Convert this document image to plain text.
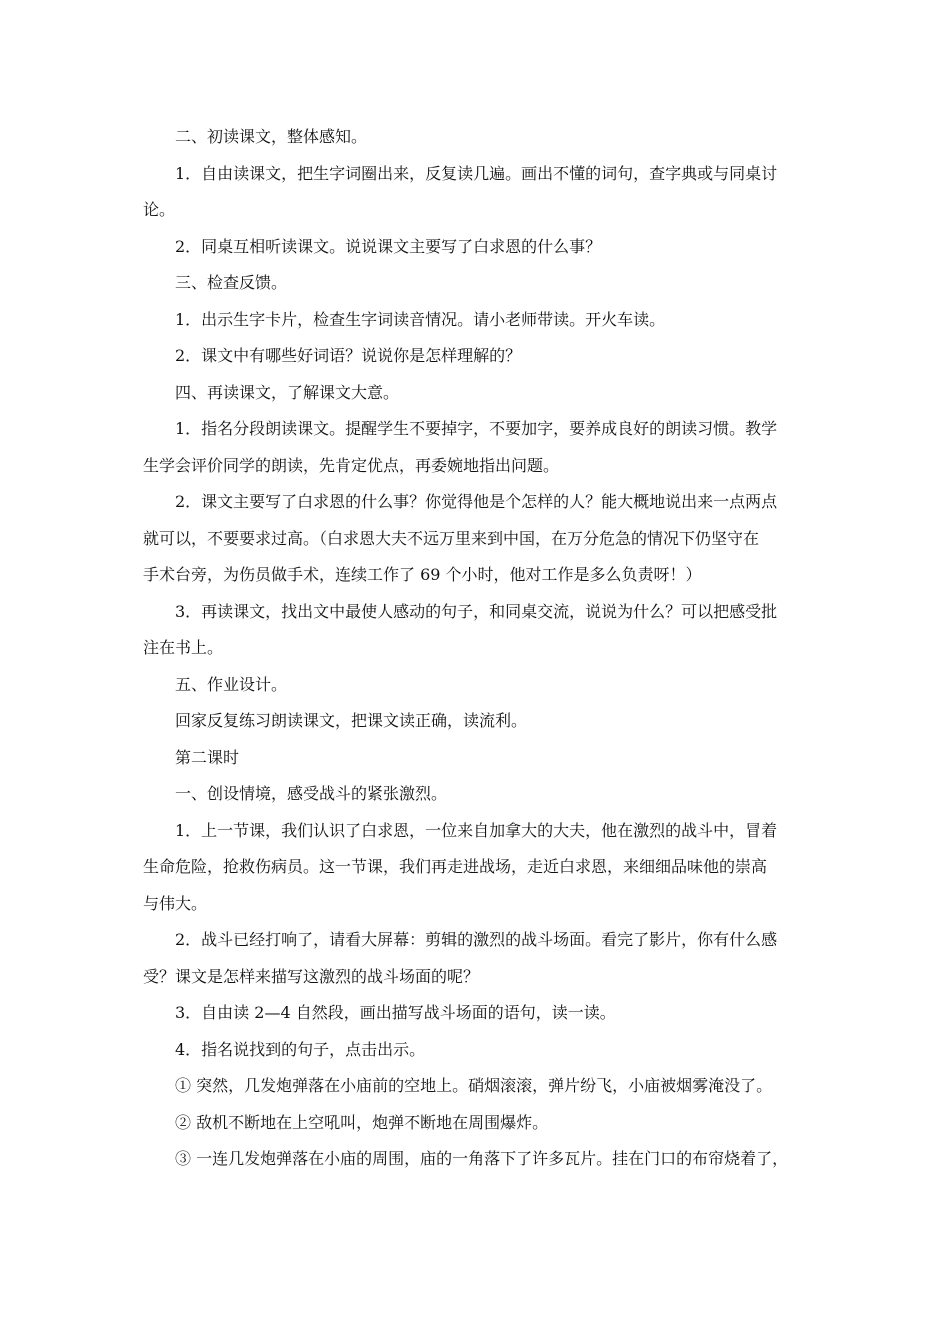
二、初读课文，整体感知。
1．自由读课文，把生字词圈出来，反复读几遍。画出不懂的词句，查字典或与同桌讨
论。
2．同桌互相听读课文。说说课文主要写了白求恩的什么事？
三、检查反馈。
1．出示生字卡片，检查生字词读音情况。请小老师带读。开火车读。
2．课文中有哪些好词语？说说你是怎样理解的？
四、再读课文，了解课文大意。
1．指名分段朗读课文。提醒学生不要掉字，不要加字，要养成良好的朗读习惯。教学
生学会评价同学的朗读，先肯定优点，再委婉地指出问题。
2．课文主要写了白求恩的什么事？你觉得他是个怎样的人？能大概地说出来一点两点
就可以，不要要求过高。（白求恩大夫不远万里来到中国，在万分危急的情况下仍坚守在
手术台旁，为伤员做手术，连续工作了 69 个小时，他对工作是多么负责呀！）
3．再读课文，找出文中最使人感动的句子，和同桌交流，说说为什么？可以把感受批
注在书上。
五、作业设计。
回家反复练习朗读课文，把课文读正确，读流利。
第二课时
一、创设情境，感受战斗的紧张激烈。
1．上一节课，我们认识了白求恩，一位来自加拿大的大夫，他在激烈的战斗中，冒着
生命危险，抢救伤病员。这一节课，我们再走进战场，走近白求恩，来细细品味他的崇高
与伟大。
2．战斗已经打响了，请看大屏幕：剪辑的激烈的战斗场面。看完了影片，你有什么感
受？课文是怎样来描写这激烈的战斗场面的呢？
3．自由读 2—4 自然段，画出描写战斗场面的语句，读一读。
4．指名说找到的句子，点击出示。
① 突然，几发炮弹落在小庙前的空地上。硝烟滚滚，弹片纷飞，小庙被烟雾淹没了。
② 敌机不断地在上空吼叫，炮弹不断地在周围爆炸。
③ 一连几发炮弹落在小庙的周围，庙的一角落下了许多瓦片。挂在门口的布帘烧着了，
